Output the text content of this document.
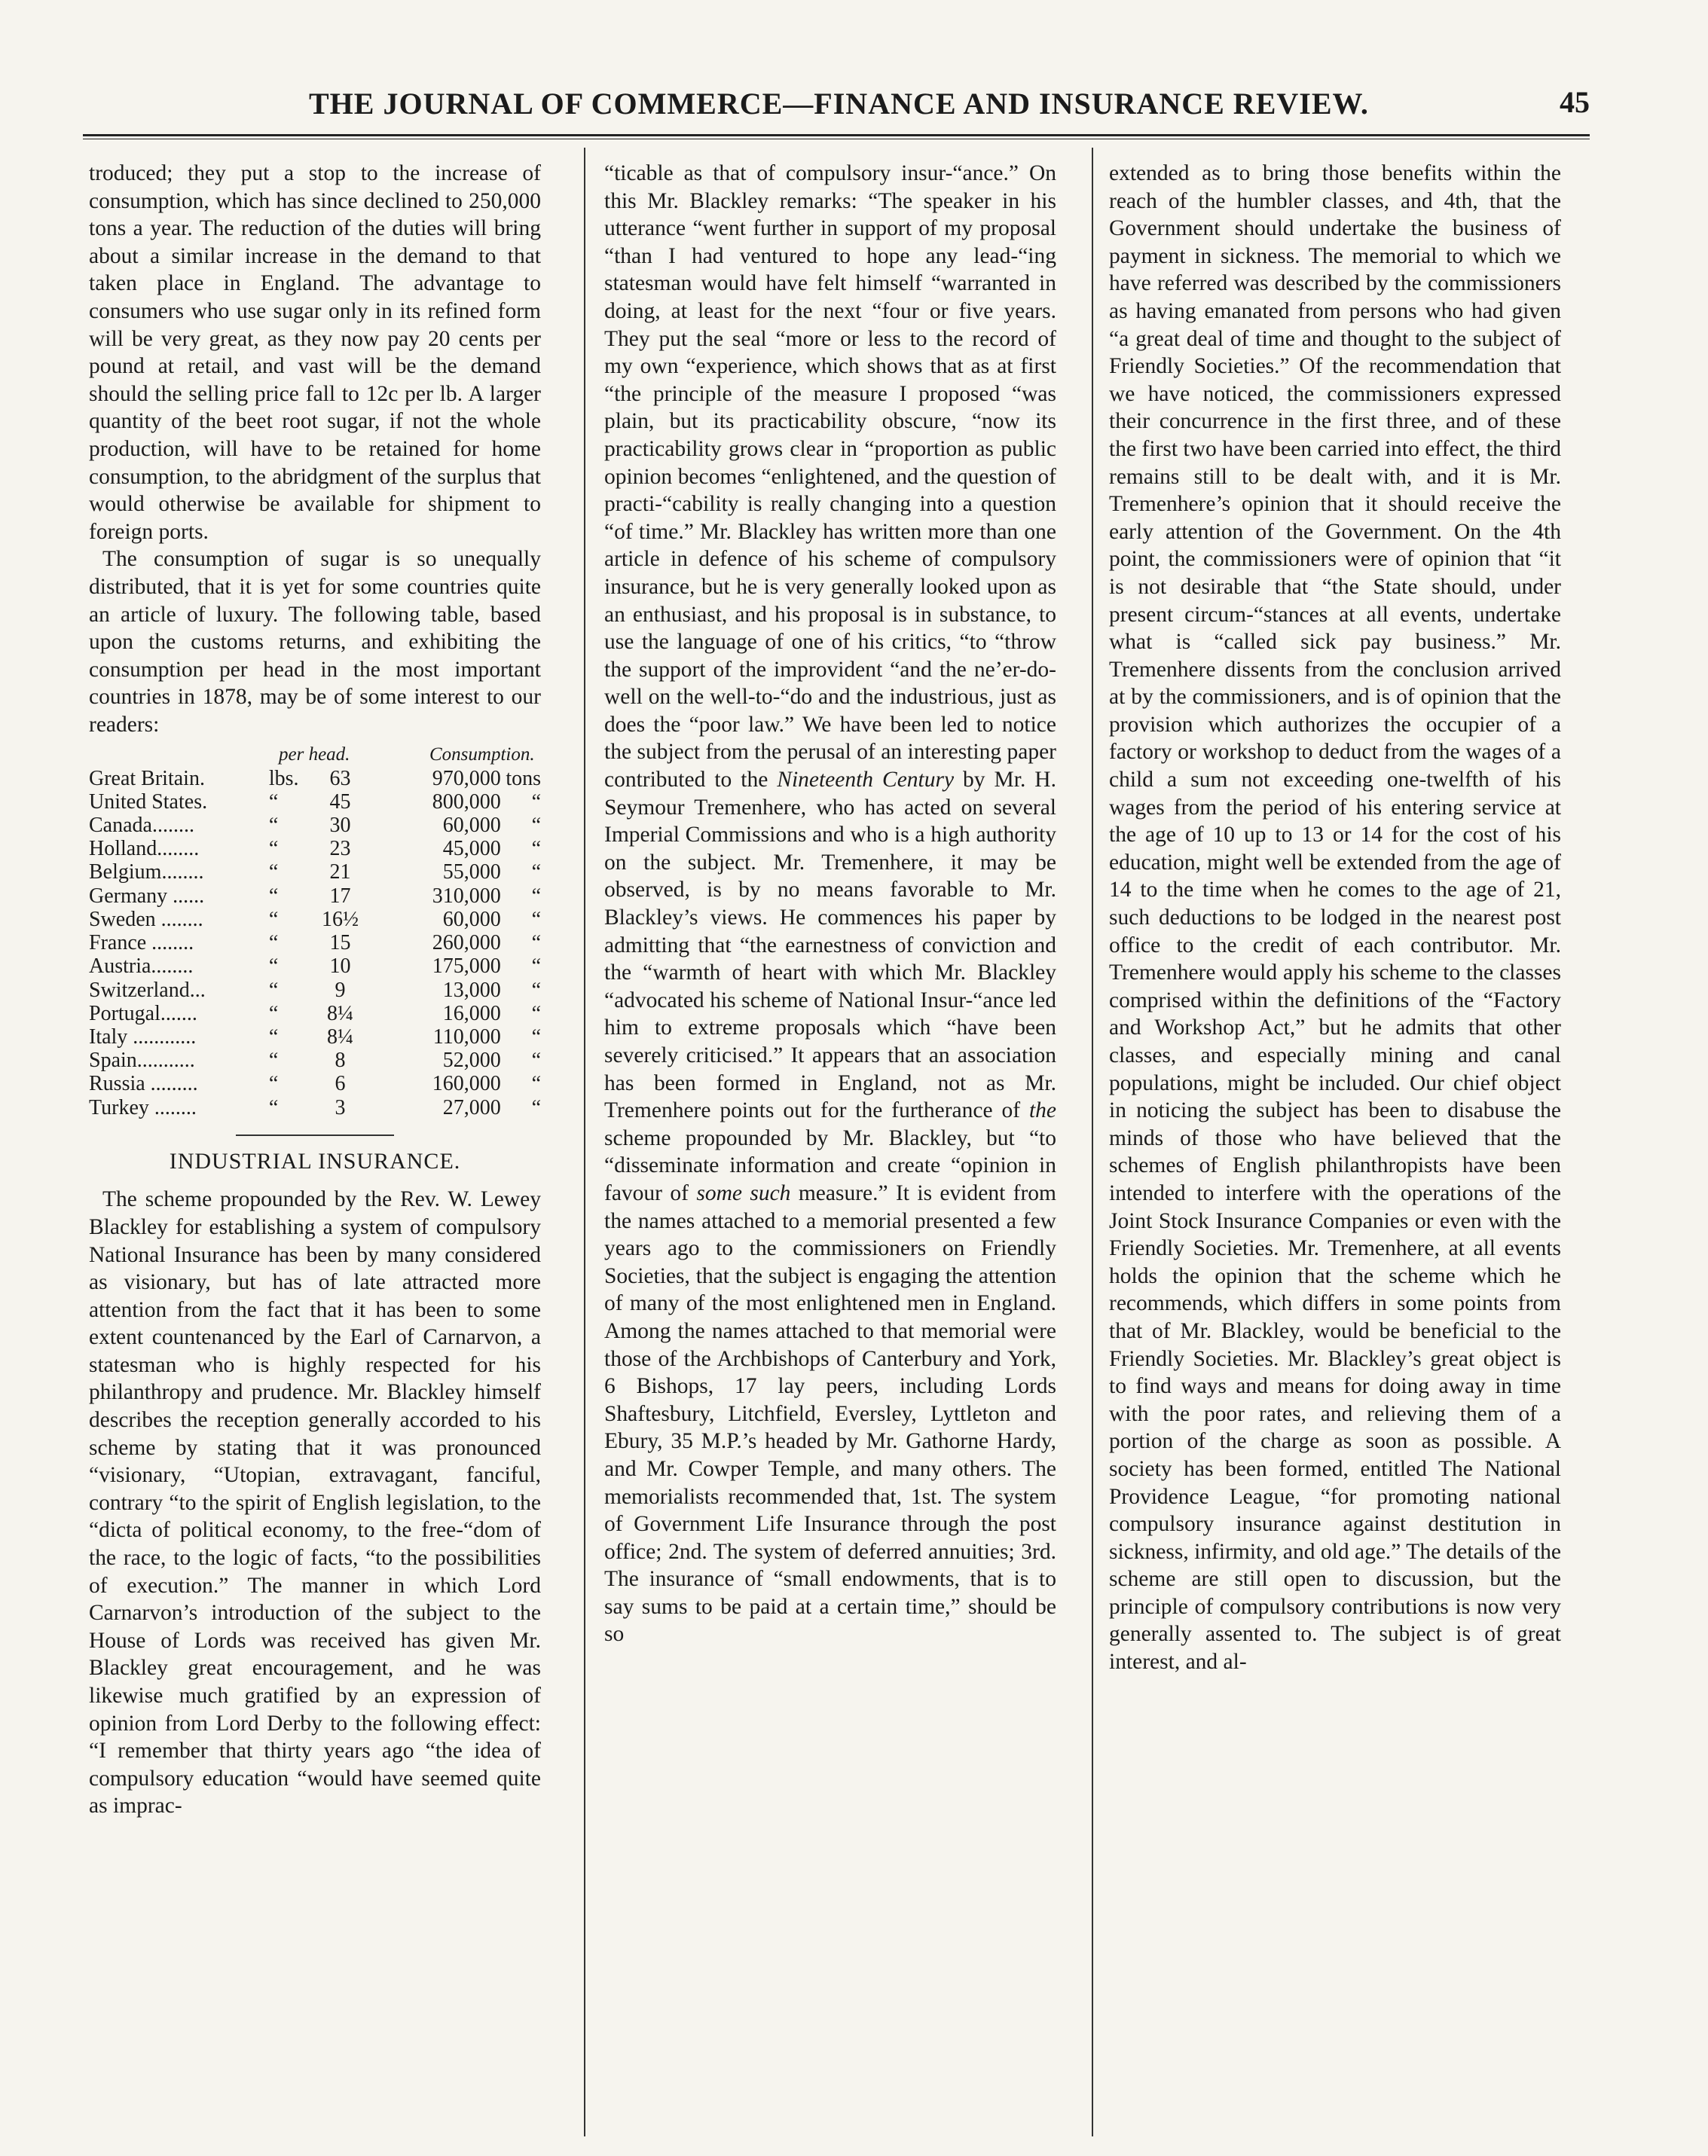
THE JOURNAL OF COMMERCE—FINANCE AND INSURANCE REVIEW.	45

troduced; they put a stop to the increase of consumption, which has since declined to 250,000 tons a year. The reduction of the duties will bring about a similar increase in the demand to that taken place in England. The advantage to consumers who use sugar only in its refined form will be very great, as they now pay 20 cents per pound at retail, and vast will be the demand should the selling price fall to 12c per lb. A larger quantity of the beet root sugar, if not the whole production, will have to be retained for home consumption, to the abridgment of the surplus that would otherwise be available for shipment to foreign ports.

The consumption of sugar is so unequally distributed, that it is yet for some countries quite an article of luxury. The following table, based upon the customs returns, and exhibiting the consumption per head in the most important countries in 1878, may be of some interest to our readers:

per head.	Consumption.
Great Britain.	lbs.	63	970,000 tons
United States.	“	45	800,000	“
Canada........	“	30	60,000	“
Holland........	“	23	45,000	“
Belgium........	“	21	55,000	“
Germany ......	“	17	310,000	“
Sweden ........	“	16½	60,000	“
France ........	“	15	260,000	“
Austria........	“	10	175,000	“
Switzerland...	“	9	13,000	“
Portugal.......	“	8¼	16,000	“
Italy ............	“	8¼	110,000	“
Spain...........	“	8	52,000	“
Russia .........	“	6	160,000	“
Turkey ........	“	3	27,000	“
INDUSTRIAL INSURANCE.

The scheme propounded by the Rev. W. Lewey Blackley for establishing a system of compulsory National Insurance has been by many considered as visionary, but has of late attracted more attention from the fact that it has been to some extent countenanced by the Earl of Carnarvon, a statesman who is highly respected for his philanthropy and prudence. Mr. Blackley himself describes the reception generally accorded to his scheme by stating that it was pronounced “visionary, “Utopian, extravagant, fanciful, contrary “to the spirit of English legislation, to the “dicta of political economy, to the free-“dom of the race, to the logic of facts, “to the possibilities of execution.” The manner in which Lord Carnarvon’s introduction of the subject to the House of Lords was received has given Mr. Blackley great encouragement, and he was likewise much gratified by an expression of opinion from Lord Derby to the following effect: “I remember that thirty years ago “the idea of compulsory education “would have seemed quite as imprac-

“ticable as that of compulsory insur-“ance.” On this Mr. Blackley remarks: “The speaker in his utterance “went further in support of my proposal “than I had ventured to hope any lead-“ing statesman would have felt himself “warranted in doing, at least for the next “four or five years. They put the seal “more or less to the record of my own “experience, which shows that as at first “the principle of the measure I proposed “was plain, but its practicability obscure, “now its practicability grows clear in “proportion as public opinion becomes “enlightened, and the question of practi-“cability is really changing into a question “of time.” Mr. Blackley has written more than one article in defence of his scheme of compulsory insurance, but he is very generally looked upon as an enthusiast, and his proposal is in substance, to use the language of one of his critics, “to “throw the support of the improvident “and the ne’er-do-well on the well-to-“do and the industrious, just as does the “poor law.” We have been led to notice the subject from the perusal of an interesting paper contributed to the Nineteenth Century by Mr. H. Seymour Tremenhere, who has acted on several Imperial Commissions and who is a high authority on the subject. Mr. Tremenhere, it may be observed, is by no means favorable to Mr. Blackley’s views. He commences his paper by admitting that “the earnestness of conviction and the “warmth of heart with which Mr. Blackley “advocated his scheme of National Insur-“ance led him to extreme proposals which “have been severely criticised.” It appears that an association has been formed in England, not as Mr. Tremenhere points out for the furtherance of the scheme propounded by Mr. Blackley, but “to “disseminate information and create “opinion in favour of some such measure.” It is evident from the names attached to a memorial presented a few years ago to the commissioners on Friendly Societies, that the subject is engaging the attention of many of the most enlightened men in England. Among the names attached to that memorial were those of the Archbishops of Canterbury and York, 6 Bishops, 17 lay peers, including Lords Shaftesbury, Litchfield, Eversley, Lyttleton and Ebury, 35 M.P.’s headed by Mr. Gathorne Hardy, and Mr. Cowper Temple, and many others. The memorialists recommended that, 1st. The system of Government Life Insurance through the post office; 2nd. The system of deferred annuities; 3rd. The insurance of “small endowments, that is to say sums to be paid at a certain time,” should be so

extended as to bring those benefits within the reach of the humbler classes, and 4th, that the Government should undertake the business of payment in sickness. The memorial to which we have referred was described by the commissioners as having emanated from persons who had given “a great deal of time and thought to the subject of Friendly Societies.” Of the recommendation that we have noticed, the commissioners expressed their concurrence in the first three, and of these the first two have been carried into effect, the third remains still to be dealt with, and it is Mr. Tremenhere’s opinion that it should receive the early attention of the Government. On the 4th point, the commissioners were of opinion that “it is not desirable that “the State should, under present circum-“stances at all events, undertake what is “called sick pay business.” Mr. Tremenhere dissents from the conclusion arrived at by the commissioners, and is of opinion that the provision which authorizes the occupier of a factory or workshop to deduct from the wages of a child a sum not exceeding one-twelfth of his wages from the period of his entering service at the age of 10 up to 13 or 14 for the cost of his education, might well be extended from the age of 14 to the time when he comes to the age of 21, such deductions to be lodged in the nearest post office to the credit of each contributor. Mr. Tremenhere would apply his scheme to the classes comprised within the definitions of the “Factory and Workshop Act,” but he admits that other classes, and especially mining and canal populations, might be included. Our chief object in noticing the subject has been to disabuse the minds of those who have believed that the schemes of English philanthropists have been intended to interfere with the operations of the Joint Stock Insurance Companies or even with the Friendly Societies. Mr. Tremenhere, at all events holds the opinion that the scheme which he recommends, which differs in some points from that of Mr. Blackley, would be beneficial to the Friendly Societies. Mr. Blackley’s great object is to find ways and means for doing away in time with the poor rates, and relieving them of a portion of the charge as soon as possible. A society has been formed, entitled The National Providence League, “for promoting national compulsory insurance against destitution in sickness, infirmity, and old age.” The details of the scheme are still open to discussion, but the principle of compulsory contributions is now very generally assented to. The subject is of great interest, and al-
